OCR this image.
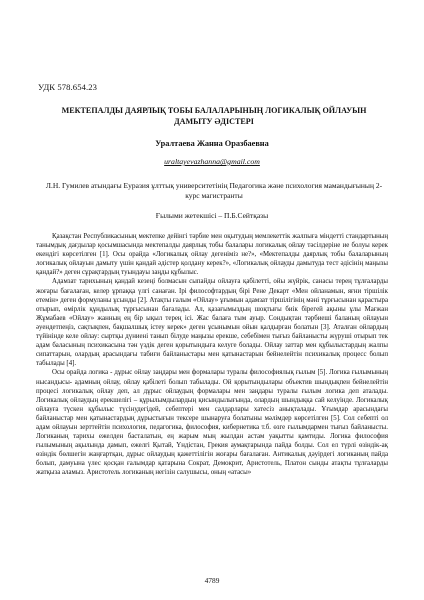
УДК 578.654.23
МЕКТЕПАЛДЫ ДАЯРЛЫҚ ТОБЫ БАЛАЛАРЫНЫҢ ЛОГИКАЛЫҚ ОЙЛАУЫН ДАМЫТУ ӘДІСТЕРІ
Уралтаева Жанна Оразбаевна
uraltayevazhanna@gmail.com
Л.Н. Гумилев атындағы Еуразия ұлттық университетінің Педагогика және психология мамандығының 2-курс магистранты
Ғылыми жетекшісі – П.Б.Сейтқазы

Қазақстан Республикасының мектепке дейінгі тәрбие мен оқытудың мемлекеттік жалпыға міндетті стандартының танымдық дағдылар қосымшасында мектепалды даярлық тобы балалары логикалық ойлау тәсілдеріне ие болуы керек екендігі көрсетілген [1]. Осы орайда «Логикалық ойлау дегеніміз не?», «Мектепалды даярлық тобы балаларының логикалық ойлауын дамыту үшін қандай әдістер қолдану керек?», «Логикалық ойлауды дамытуда тест әдісінің маңызы қандай?» деген сұрақтардың туындауы заңды құбылыс.

Адамзат тарихының қандай кезеңі болмасын сыпайды ойлауға қабілетті, ойы жүйрік, санасы терең тұлғаларды жоғары бағалаған, келер ұрпаққа үлгі санаған. Ірі философтардың бірі Рене Декарт «Мен ойланамын, яғни тіршілік етемін» деген формуланы ұсынды [2]. Атақты ғалым «Ойлау» ұғымын адамзат тіршілігінің мәні тұрғысынан қарастыра отырып, өмірлік құндылық тұрғысынан бағалады. Ал, қазағымыздың шоқтығы биік бірегей ақыны ұлы Мағжан Жұмабаев «Ойлау» жанның ең бір ықыл терең ісі. Жас балаға тым ауыр. Сондықтан тәрбиеші баланың ойлауын әуендетпеңіз, сақтықпен, бақшалшық істеу керек» деген ұсынымын ойын қалдырған болатын [3]. Аталған ойлардың түйінінде келе ойлау: сыртқы дүниені танып білуде маңызы ерекше, себебімен тығыз байланысты жүруші отырып тек адам баласының психикасына тән үздік деген қорытындыға келуге болады. Ойлау заттар мен құбылыстардың жалпы сипаттарын, олардың арасындағы табиғи байланыстары мен қатынастарын бейнелейтін психикалық процесс болып табылады [4].

Осы орайда логика - дұрыс ойлау заңдары мен формалары туралы философиялық ғылым [5]. Логика ғылымының нысандысы- адамның ойлау, ойлау қабілеті болып табылады. Ой қорытындылары объектив шындықпен бейнелейтін процесі логикалық ойлау деп, ал дұрыс ойлаудың формалары мен заңдары туралы ғылым логика деп аталады. Логикалық ойлаудың ерекшелігі – құрылымдылардың қисындылығында, олардың шындыққа сай келуінде. Логикалық ойлауға түскен құбылыс түсінудегідей, себептері мен салдарлары хатесіз анықталады. Ұғымдар арасындағы байланыстар мен қатынастардың дұрыстығын тексере шынаруға болатыны мәлімдер көрсетілген [5]. Сол себепті ол адам ойлауын зерттейтін психология, педагогика, философия, кибернетика т.б. өзге ғылымдармен тығыз байланысты. Логиканың тарихы ежелден басталатын, ең жарым мың жылдан астам уақытты қамтиды. Логика философия ғылымының ақылында дамып, ежелгі Қытай, Үндістан, Грекия аумақтарында пайда болды. Сол ел түрлі өзіндік-ақ өзіндік бөлшегін жаңғартқан, дұрыс ойлаудың қажеттілігін жоғары бағалаған. Антикалық дәуірдегі логиканың пайда болып, дамуына үлес қосқан ғалымдар қатарына Сократ, Демокрит, Аристотель, Платон сынды атақты тұлғаларды жатқыза аламыз. Аристотель логиканың негізін салушысы, оның «атасы»

4789
